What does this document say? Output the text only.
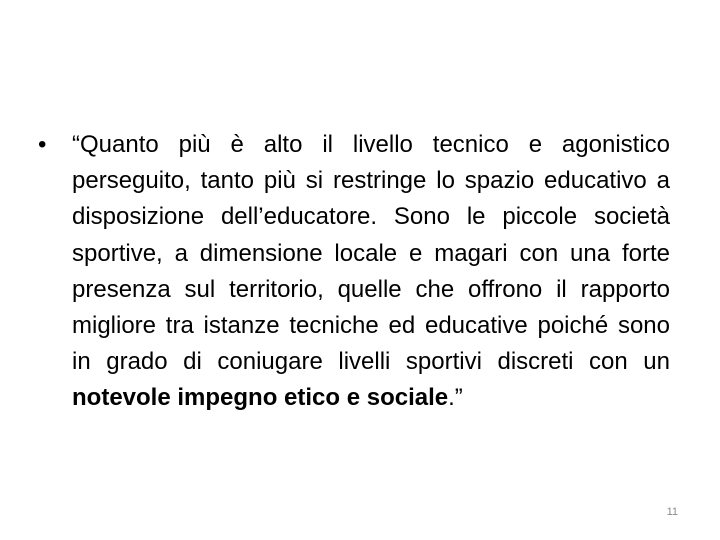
•	“Quanto più è alto il livello tecnico e agonistico perseguito, tanto più si restringe lo spazio educativo a disposizione dell’educatore. Sono le piccole società sportive, a dimensione locale e magari con una forte presenza sul territorio, quelle che offrono il rapporto migliore tra istanze tecniche ed educative poiché sono in grado di coniugare livelli sportivi discreti con un notevole impegno etico e sociale.”
11
